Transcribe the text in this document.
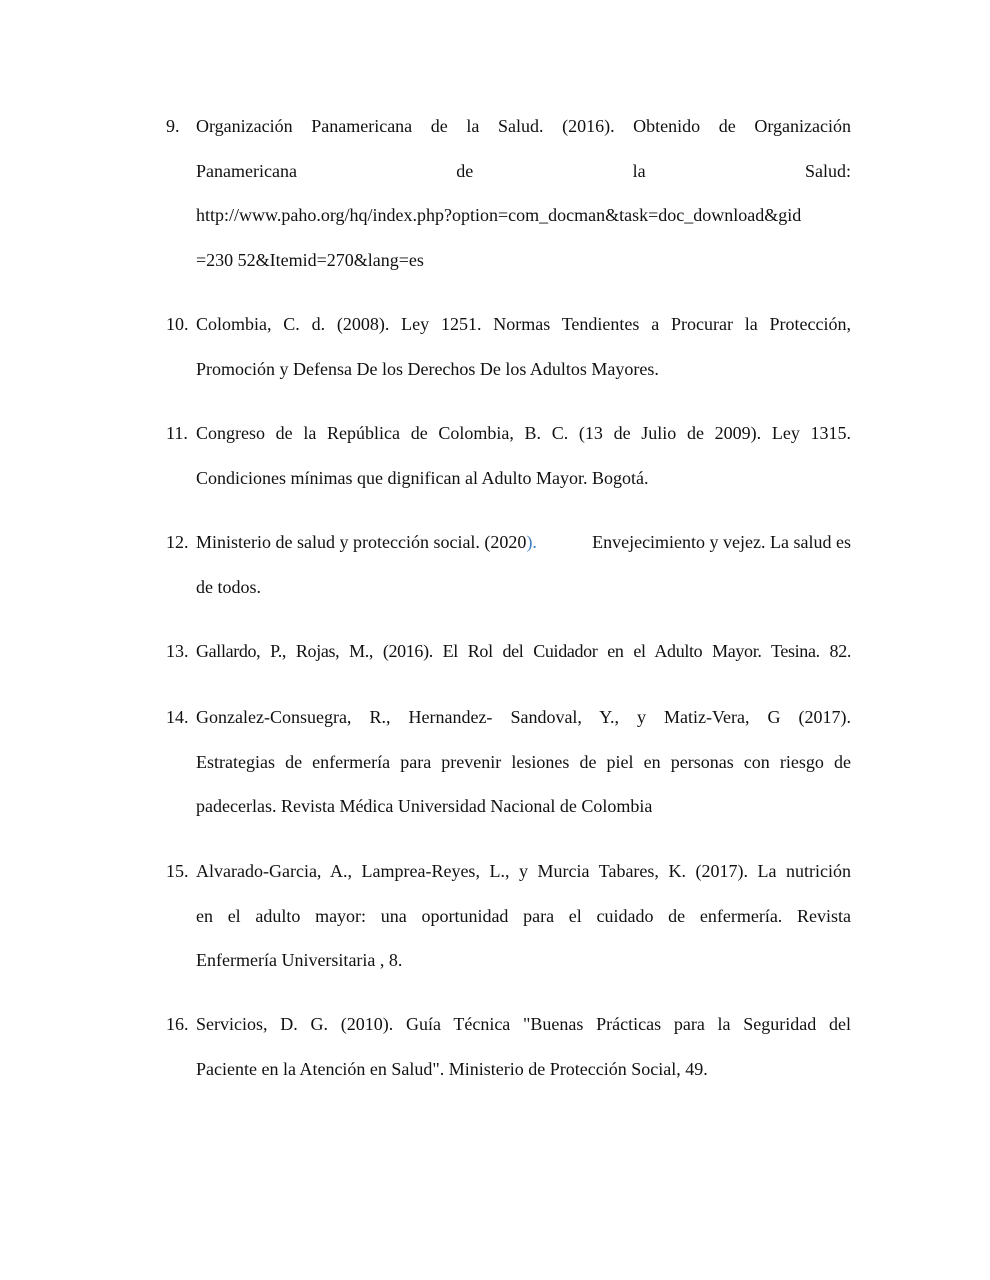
9. Organización Panamericana de la Salud. (2016). Obtenido de Organización
Panamericana de la Salud:
http://www.paho.org/hq/index.php?option=com_docman&task=doc_download&gid
=230 52&Itemid=270&lang=es
10. Colombia, C. d. (2008). Ley 1251. Normas Tendientes a Procurar la Protección,
Promoción y Defensa De los Derechos De los Adultos Mayores.
11. Congreso de la República de Colombia, B. C. (13 de Julio de 2009). Ley 1315.
Condiciones mínimas que dignifican al Adulto Mayor. Bogotá.
12. Ministerio de salud y protección social. (2020).	Envejecimiento y vejez. La salud es
de todos.
13. Gallardo, P., Rojas, M., (2016). El Rol del Cuidador en el Adulto Mayor. Tesina. 82.
14. Gonzalez-Consuegra, R., Hernandez- Sandoval, Y., y Matiz-Vera, G (2017).
Estrategias de enfermería para prevenir lesiones de piel en personas con riesgo de
padecerlas. Revista Médica Universidad Nacional de Colombia
15. Alvarado-Garcia, A., Lamprea-Reyes, L., y Murcia Tabares, K. (2017). La nutrición
en el adulto mayor: una oportunidad para el cuidado de enfermería. Revista
Enfermería Universitaria , 8.
16. Servicios, D. G. (2010). Guía Técnica "Buenas Prácticas para la Seguridad del
Paciente en la Atención en Salud". Ministerio de Protección Social, 49.
